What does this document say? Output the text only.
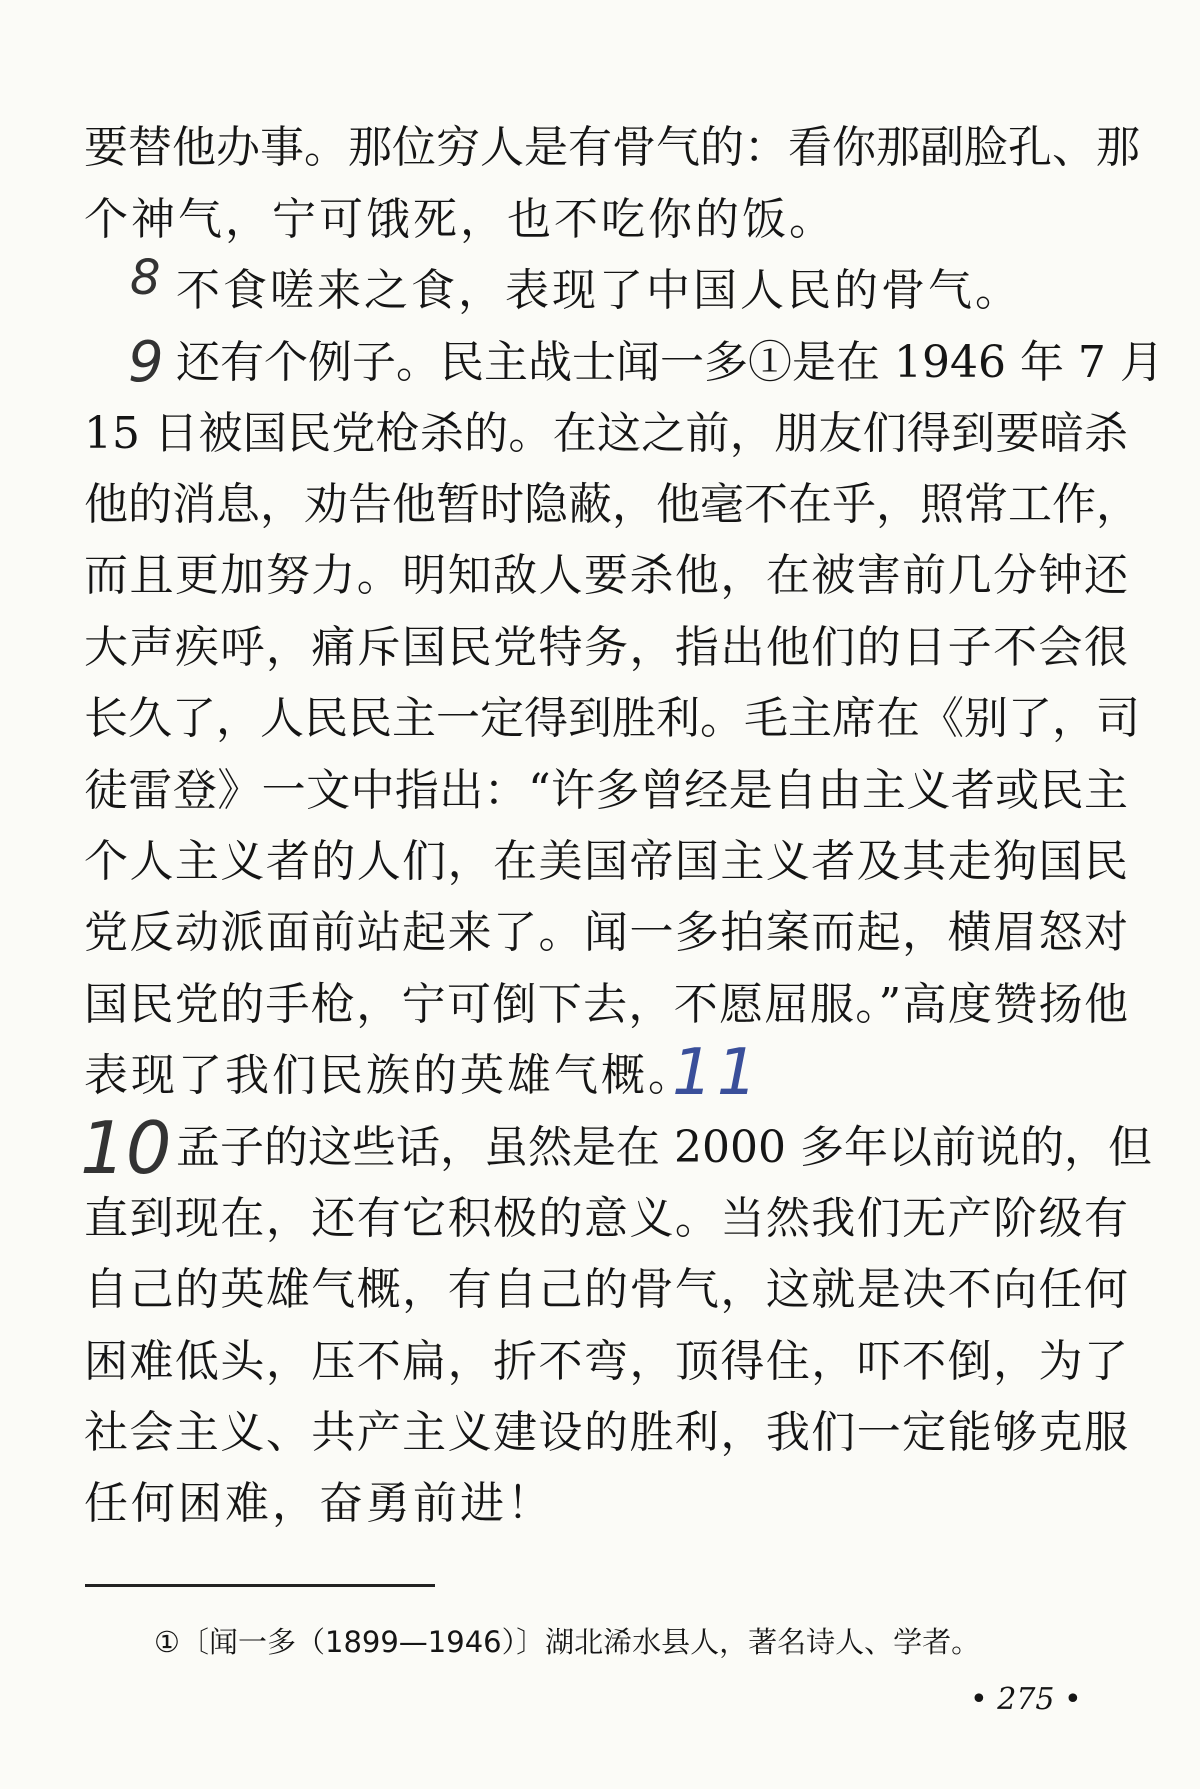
要替他办事。那位穷人是有骨气的：看你那副脸孔、那
个神气，宁可饿死，也不吃你的饭。
不食嗟来之食，表现了中国人民的骨气。
还有个例子。民主战士闻一多①是在 1946 年 7 月
15 日被国民党枪杀的。在这之前，朋友们得到要暗杀
他的消息，劝告他暂时隐蔽，他毫不在乎，照常工作，
而且更加努力。明知敌人要杀他，在被害前几分钟还
大声疾呼，痛斥国民党特务，指出他们的日子不会很
长久了，人民民主一定得到胜利。毛主席在《别了，司
徒雷登》一文中指出：“许多曾经是自由主义者或民主
个人主义者的人们，在美国帝国主义者及其走狗国民
党反动派面前站起来了。闻一多拍案而起，横眉怒对
国民党的手枪，宁可倒下去，不愿屈服。”高度赞扬他
表现了我们民族的英雄气概。
孟子的这些话，虽然是在 2000 多年以前说的，但
直到现在，还有它积极的意义。当然我们无产阶级有
自己的英雄气概，有自己的骨气，这就是决不向任何
困难低头，压不扁，折不弯，顶得住，吓不倒，为了
社会主义、共产主义建设的胜利，我们一定能够克服
任何困难，奋勇前进！
8
9
11
10
①〔闻一多（1899—1946）〕湖北浠水县人，著名诗人、学者。
• 275 •
